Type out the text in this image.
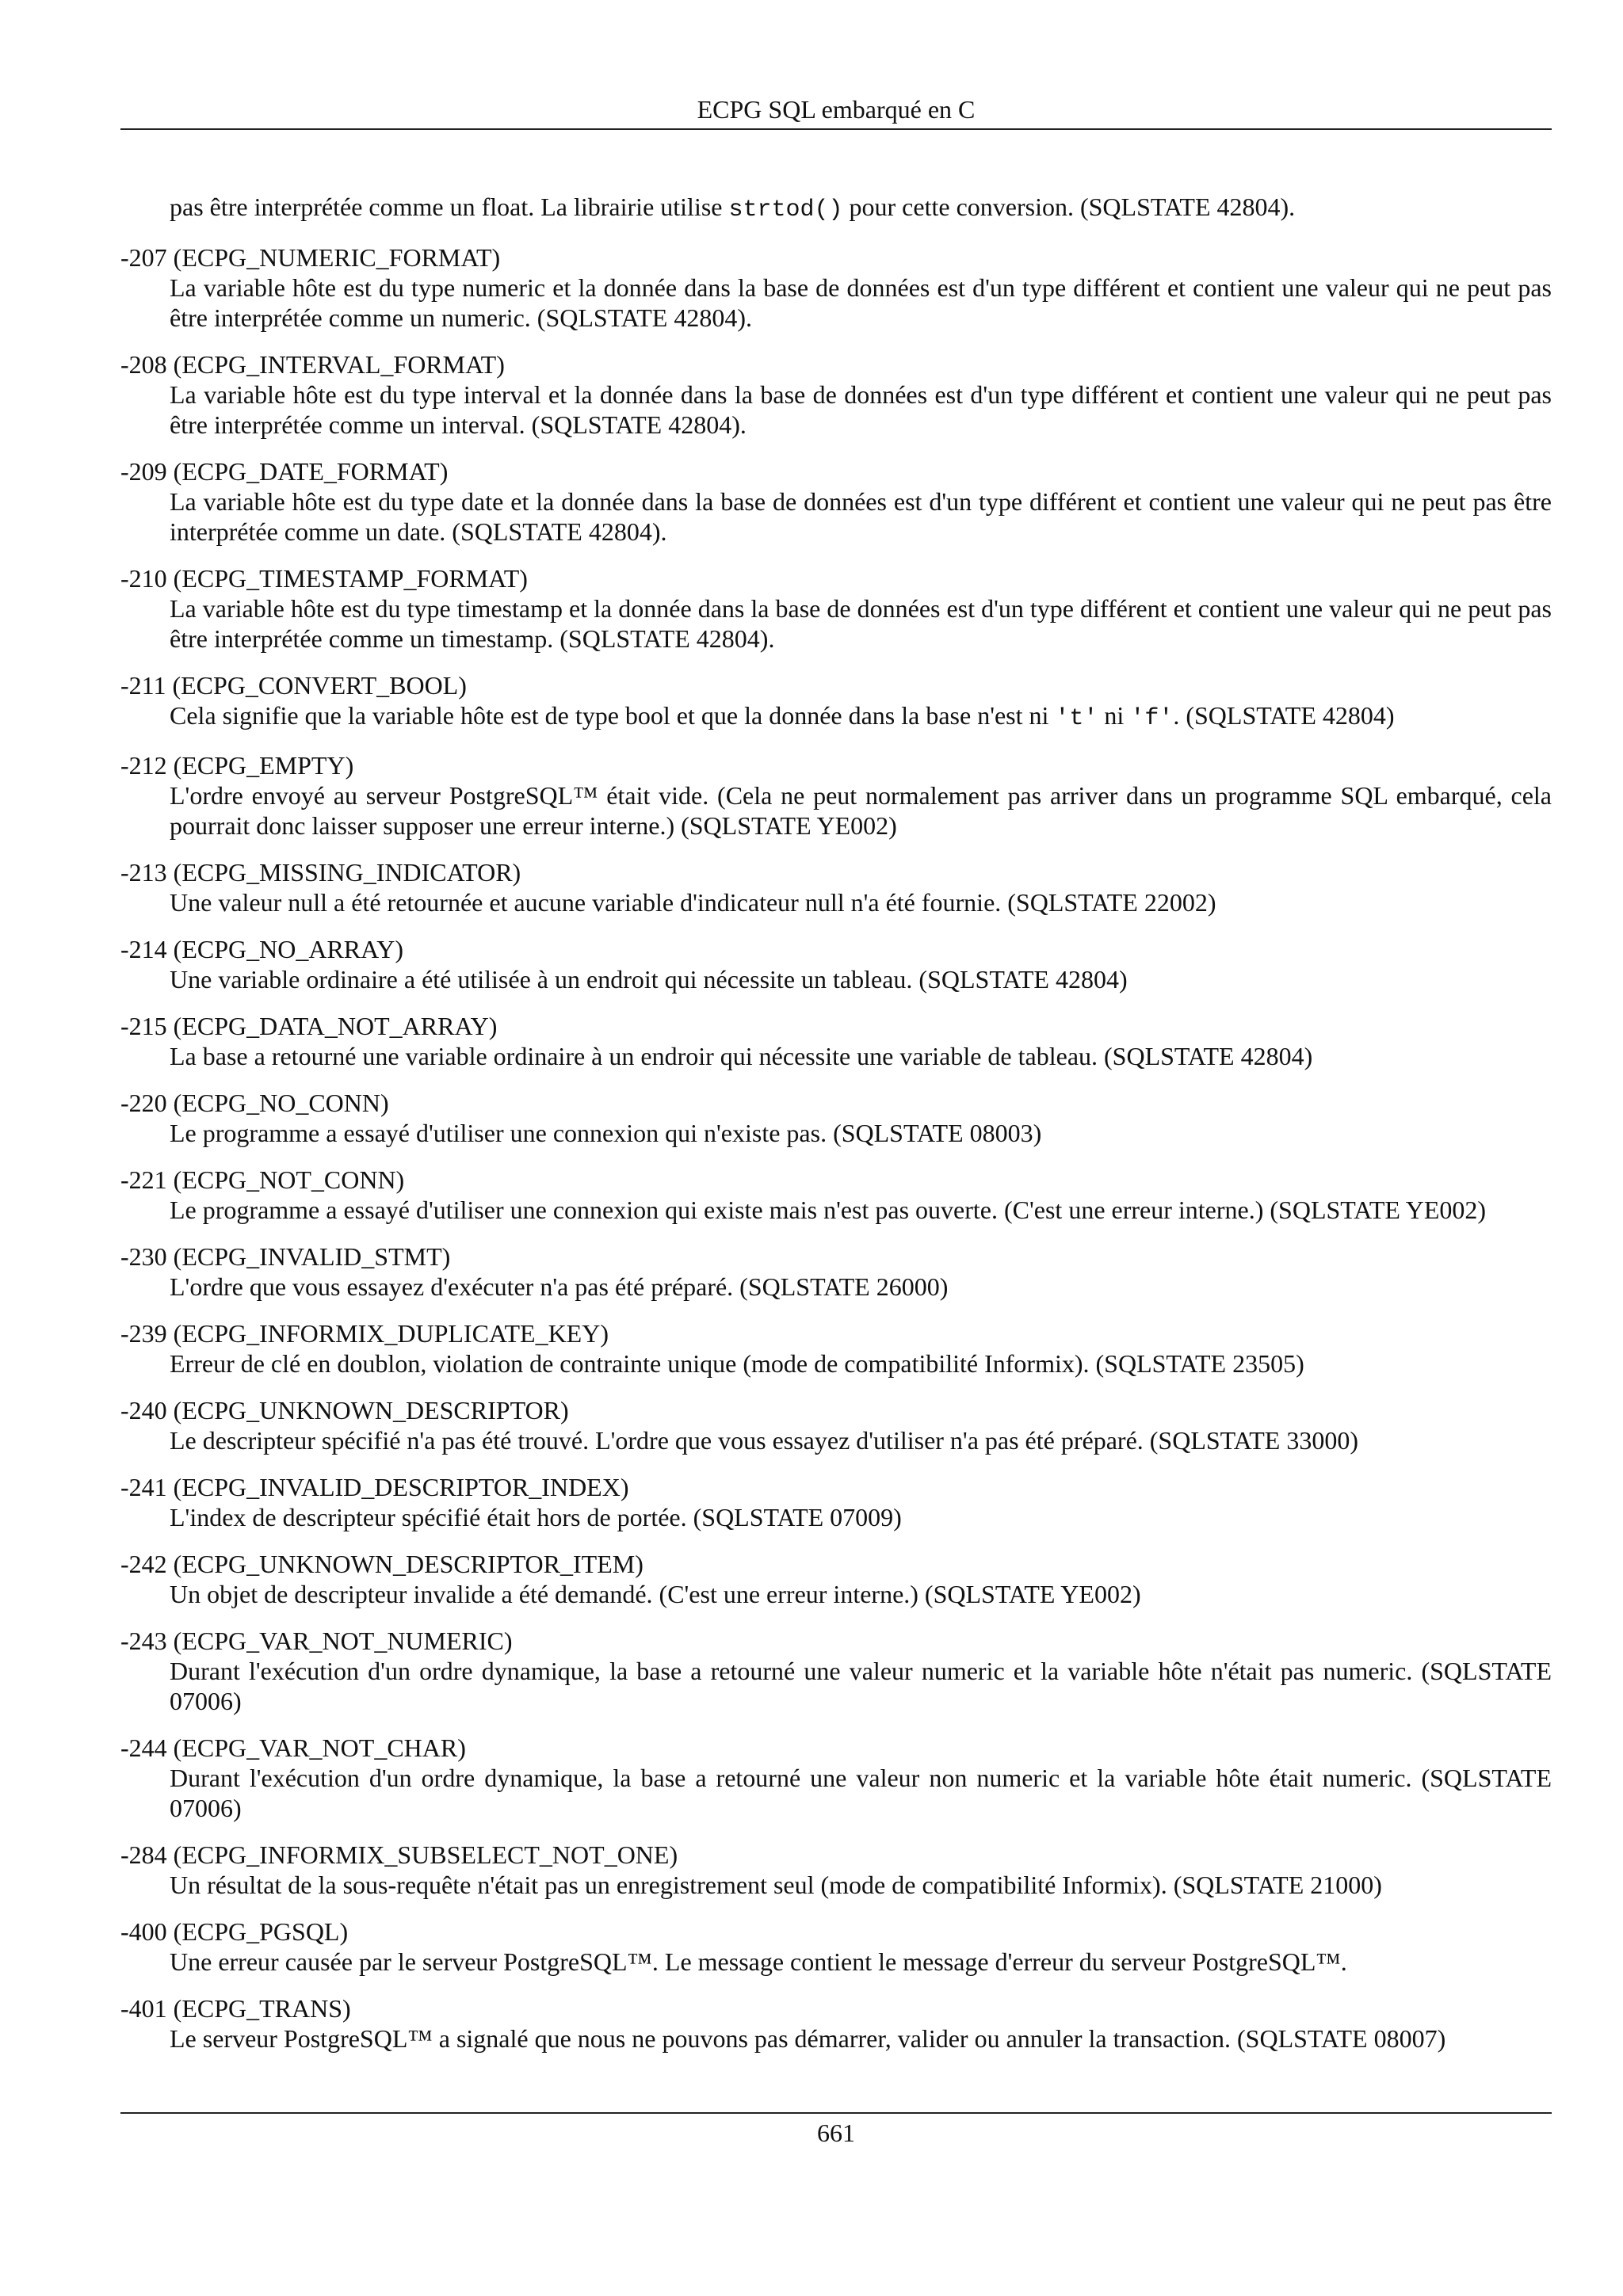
ECPG SQL embarqué en C

pas être interprétée comme un float. La librairie utilise strtod() pour cette conversion. (SQLSTATE 42804).

-207 (ECPG_NUMERIC_FORMAT)
La variable hôte est du type numeric et la donnée dans la base de données est d'un type différent et contient une valeur qui ne peut pas être interprétée comme un numeric. (SQLSTATE 42804).
-208 (ECPG_INTERVAL_FORMAT)
La variable hôte est du type interval et la donnée dans la base de données est d'un type différent et contient une valeur qui ne peut pas être interprétée comme un interval. (SQLSTATE 42804).
-209 (ECPG_DATE_FORMAT)
La variable hôte est du type date et la donnée dans la base de données est d'un type différent et contient une valeur qui ne peut pas être interprétée comme un date. (SQLSTATE 42804).
-210 (ECPG_TIMESTAMP_FORMAT)
La variable hôte est du type timestamp et la donnée dans la base de données est d'un type différent et contient une valeur qui ne peut pas être interprétée comme un timestamp. (SQLSTATE 42804).
-211 (ECPG_CONVERT_BOOL)
Cela signifie que la variable hôte est de type bool et que la donnée dans la base n'est ni 't' ni 'f'. (SQLSTATE 42804)
-212 (ECPG_EMPTY)
L'ordre envoyé au serveur PostgreSQL™ était vide. (Cela ne peut normalement pas arriver dans un programme SQL embarqué, cela pourrait donc laisser supposer une erreur interne.) (SQLSTATE YE002)
-213 (ECPG_MISSING_INDICATOR)
Une valeur null a été retournée et aucune variable d'indicateur null n'a été fournie. (SQLSTATE 22002)
-214 (ECPG_NO_ARRAY)
Une variable ordinaire a été utilisée à un endroit qui nécessite un tableau. (SQLSTATE 42804)
-215 (ECPG_DATA_NOT_ARRAY)
La base a retourné une variable ordinaire à un endroir qui nécessite une variable de tableau. (SQLSTATE 42804)
-220 (ECPG_NO_CONN)
Le programme a essayé d'utiliser une connexion qui n'existe pas. (SQLSTATE 08003)
-221 (ECPG_NOT_CONN)
Le programme a essayé d'utiliser une connexion qui existe mais n'est pas ouverte. (C'est une erreur interne.) (SQLSTATE YE002)
-230 (ECPG_INVALID_STMT)
L'ordre que vous essayez d'exécuter n'a pas été préparé. (SQLSTATE 26000)
-239 (ECPG_INFORMIX_DUPLICATE_KEY)
Erreur de clé en doublon, violation de contrainte unique (mode de compatibilité Informix). (SQLSTATE 23505)
-240 (ECPG_UNKNOWN_DESCRIPTOR)
Le descripteur spécifié n'a pas été trouvé. L'ordre que vous essayez d'utiliser n'a pas été préparé. (SQLSTATE 33000)
-241 (ECPG_INVALID_DESCRIPTOR_INDEX)
L'index de descripteur spécifié était hors de portée. (SQLSTATE 07009)
-242 (ECPG_UNKNOWN_DESCRIPTOR_ITEM)
Un objet de descripteur invalide a été demandé. (C'est une erreur interne.) (SQLSTATE YE002)
-243 (ECPG_VAR_NOT_NUMERIC)
Durant l'exécution d'un ordre dynamique, la base a retourné une valeur numeric et la variable hôte n'était pas numeric. (SQLSTATE 07006)
-244 (ECPG_VAR_NOT_CHAR)
Durant l'exécution d'un ordre dynamique, la base a retourné une valeur non numeric et la variable hôte était numeric. (SQLSTATE 07006)
-284 (ECPG_INFORMIX_SUBSELECT_NOT_ONE)
Un résultat de la sous-requête n'était pas un enregistrement seul (mode de compatibilité Informix). (SQLSTATE 21000)
-400 (ECPG_PGSQL)
Une erreur causée par le serveur PostgreSQL™. Le message contient le message d'erreur du serveur PostgreSQL™.
-401 (ECPG_TRANS)
Le serveur PostgreSQL™ a signalé que nous ne pouvons pas démarrer, valider ou annuler la transaction. (SQLSTATE 08007)
661
